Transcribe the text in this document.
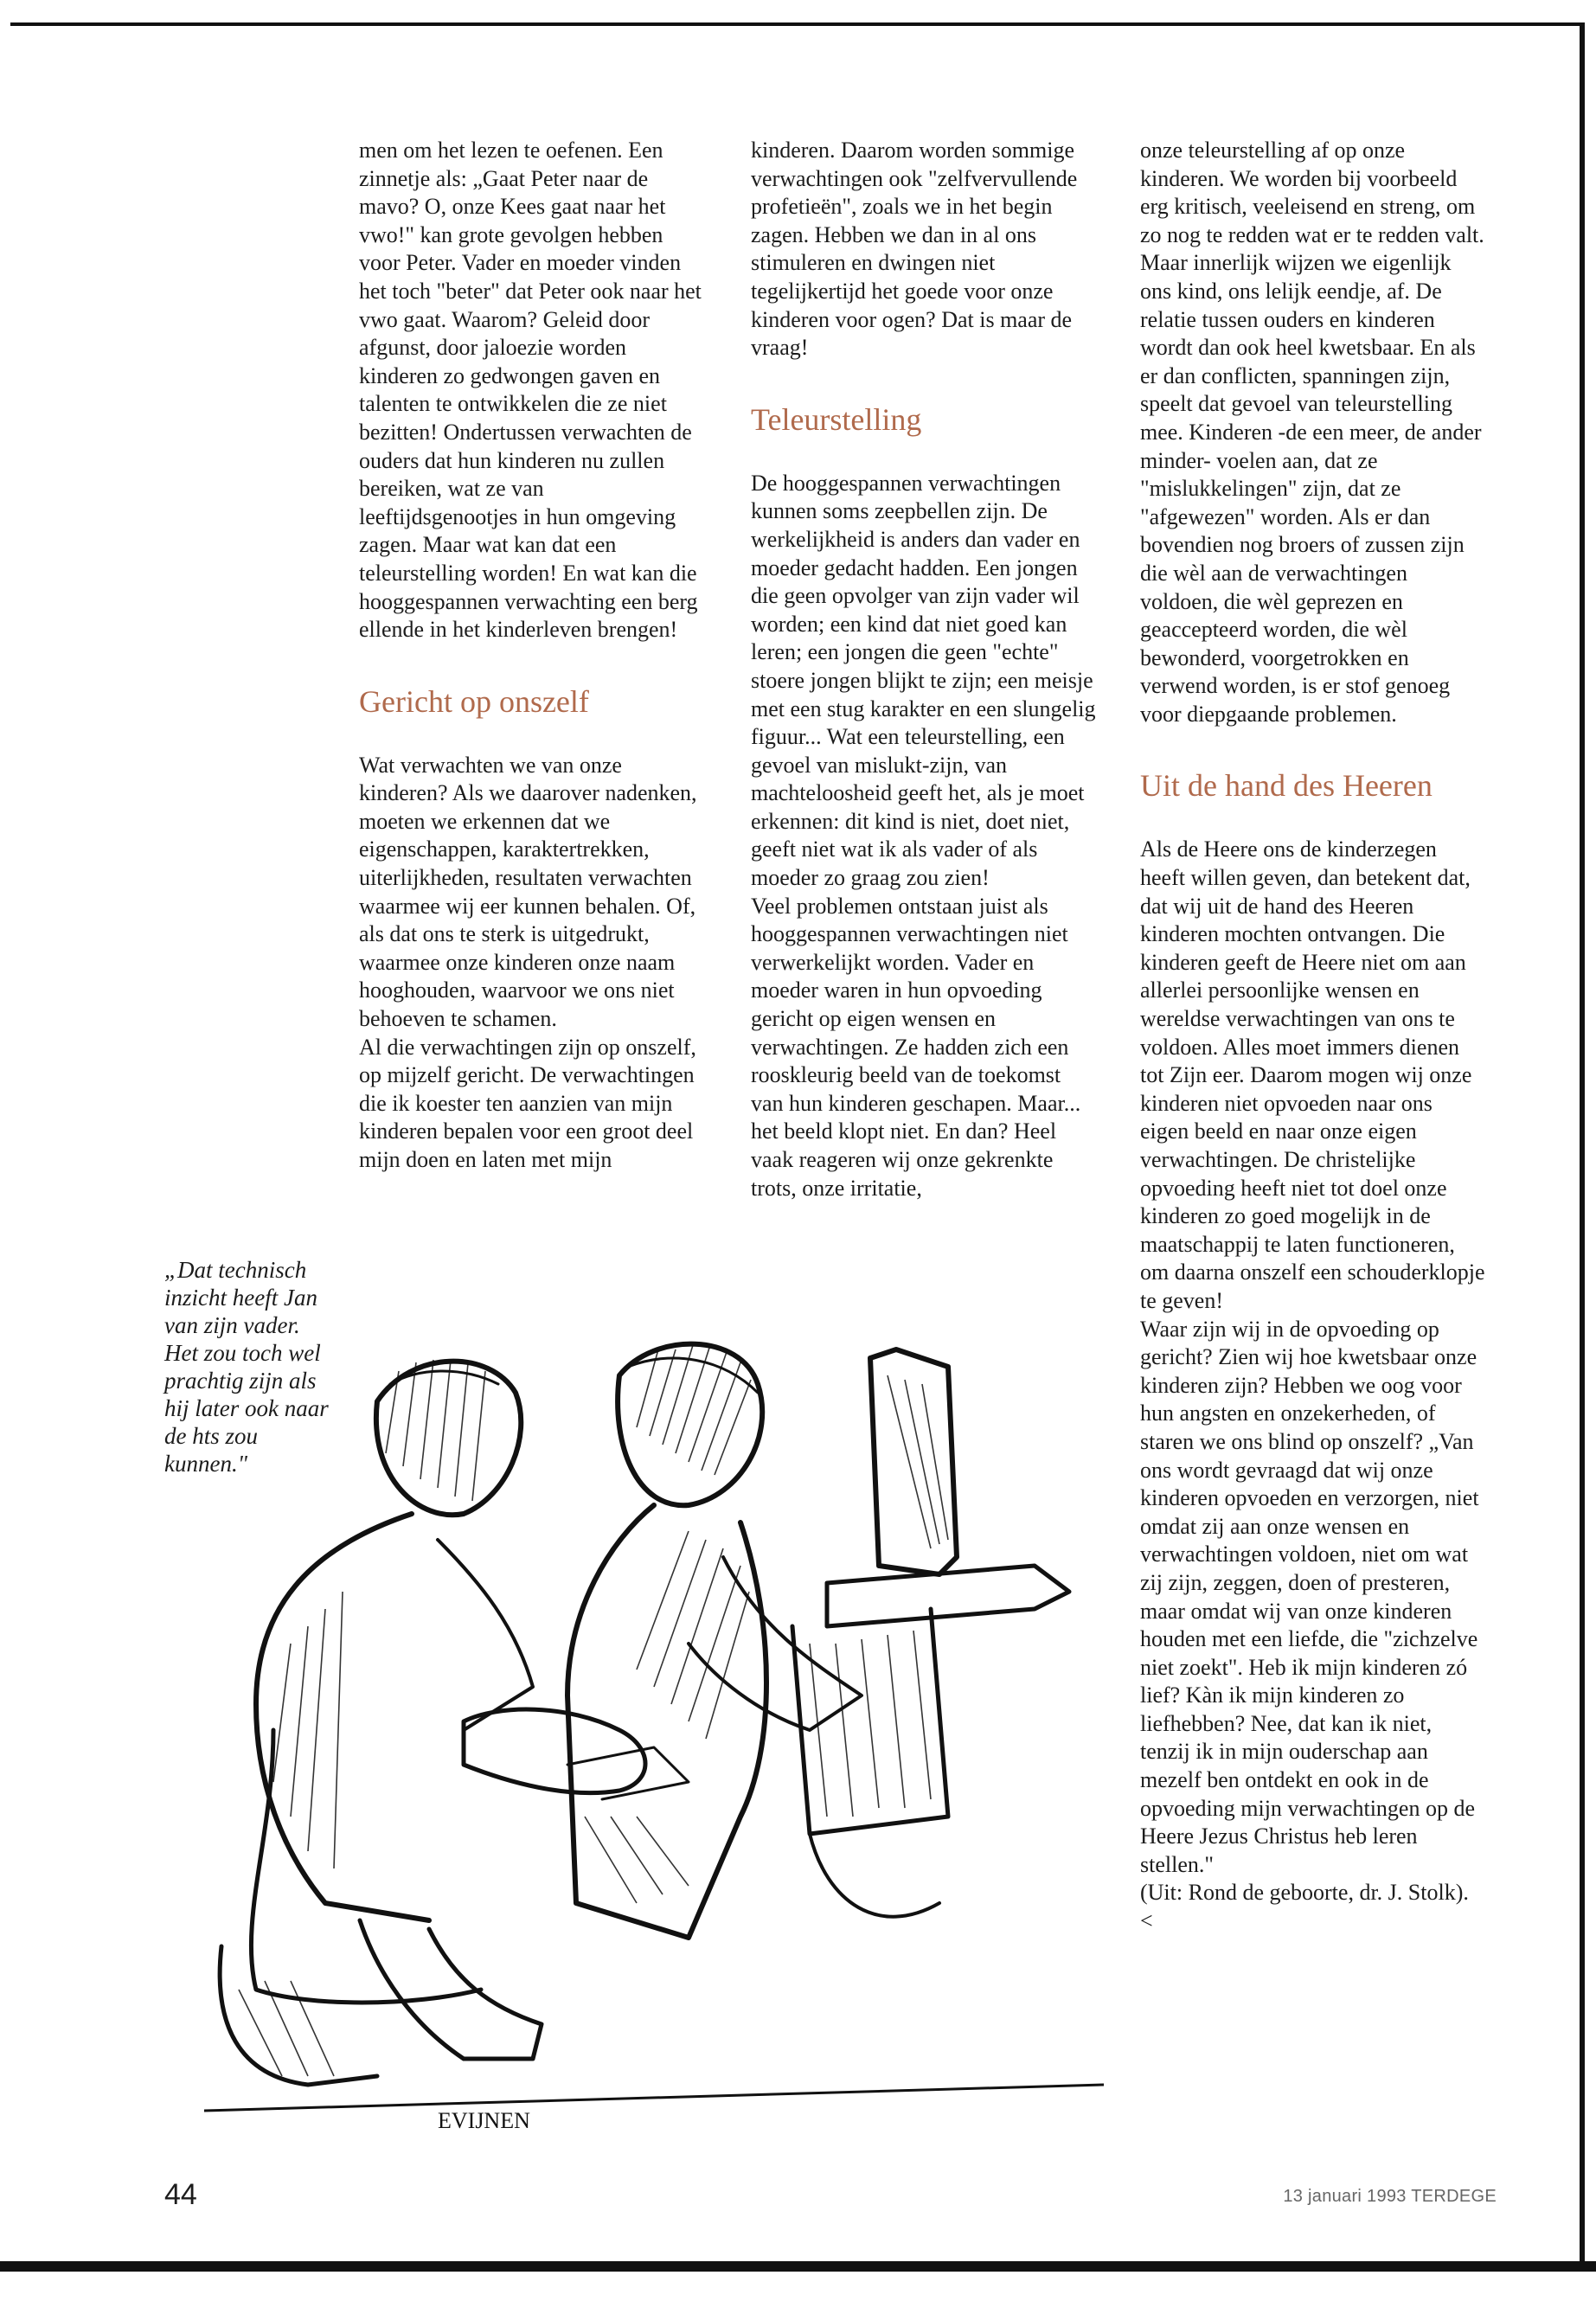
men om het lezen te oefenen. Een zinnetje als: „Gaat Peter naar de mavo? O, onze Kees gaat naar het vwo!" kan grote gevolgen hebben voor Peter. Vader en moeder vinden het toch "beter" dat Peter ook naar het vwo gaat. Waarom? Geleid door afgunst, door jaloezie worden kinderen zo gedwongen gaven en talenten te ontwikkelen die ze niet bezitten! Ondertussen verwachten de ouders dat hun kinderen nu zullen bereiken, wat ze van leeftijdsgenootjes in hun omgeving zagen. Maar wat kan dat een teleurstelling worden! En wat kan die hooggespannen verwachting een berg ellende in het kinderleven brengen!

Gericht op onszelf

Wat verwachten we van onze kinderen? Als we daarover nadenken, moeten we erkennen dat we eigenschappen, karaktertrekken, uiterlijkheden, resultaten verwachten waarmee wij eer kunnen behalen. Of, als dat ons te sterk is uitgedrukt, waarmee onze kinderen onze naam hooghouden, waarvoor we ons niet behoeven te schamen.

Al die verwachtingen zijn op onszelf, op mijzelf gericht. De verwachtingen die ik koester ten aanzien van mijn kinderen bepalen voor een groot deel mijn doen en laten met mijn

kinderen. Daarom worden sommige verwachtingen ook "zelfvervullende profetieën", zoals we in het begin zagen. Hebben we dan in al ons stimuleren en dwingen niet tegelijkertijd het goede voor onze kinderen voor ogen? Dat is maar de vraag!

Teleurstelling

De hooggespannen verwachtingen kunnen soms zeepbellen zijn. De werkelijkheid is anders dan vader en moeder gedacht hadden. Een jongen die geen opvolger van zijn vader wil worden; een kind dat niet goed kan leren; een jongen die geen "echte" stoere jongen blijkt te zijn; een meisje met een stug karakter en een slungelig figuur... Wat een teleurstelling, een gevoel van mislukt-zijn, van machteloosheid geeft het, als je moet erkennen: dit kind is niet, doet niet, geeft niet wat ik als vader of als moeder zo graag zou zien!

Veel problemen ontstaan juist als hooggespannen verwachtingen niet verwerkelijkt worden. Vader en moeder waren in hun opvoeding gericht op eigen wensen en verwachtingen. Ze hadden zich een rooskleurig beeld van de toekomst van hun kinderen geschapen. Maar... het beeld klopt niet. En dan? Heel vaak reageren wij onze gekrenkte trots, onze irritatie,

onze teleurstelling af op onze kinderen. We worden bij voorbeeld erg kritisch, veeleisend en streng, om zo nog te redden wat er te redden valt. Maar innerlijk wijzen we eigenlijk ons kind, ons lelijk eendje, af. De relatie tussen ouders en kinderen wordt dan ook heel kwetsbaar. En als er dan conflicten, spanningen zijn, speelt dat gevoel van teleurstelling mee. Kinderen -de een meer, de ander minder- voelen aan, dat ze "mislukkelingen" zijn, dat ze "afgewezen" worden. Als er dan bovendien nog broers of zussen zijn die wèl aan de verwachtingen voldoen, die wèl geprezen en geaccepteerd worden, die wèl bewonderd, voorgetrokken en verwend worden, is er stof genoeg voor diepgaande problemen.

Uit de hand des Heeren

Als de Heere ons de kinderzegen heeft willen geven, dan betekent dat, dat wij uit de hand des Heeren kinderen mochten ontvangen. Die kinderen geeft de Heere niet om aan allerlei persoonlijke wensen en wereldse verwachtingen van ons te voldoen. Alles moet immers dienen tot Zijn eer. Daarom mogen wij onze kinderen niet opvoeden naar ons eigen beeld en naar onze eigen verwachtingen. De christelijke opvoeding heeft niet tot doel onze kinderen zo goed mogelijk in de maatschappij te laten functioneren, om daarna onszelf een schouderklopje te geven!

Waar zijn wij in de opvoeding op gericht? Zien wij hoe kwetsbaar onze kinderen zijn? Hebben we oog voor hun angsten en onzekerheden, of staren we ons blind op onszelf? „Van ons wordt gevraagd dat wij onze kinderen opvoeden en verzorgen, niet omdat zij aan onze wensen en verwachtingen voldoen, niet om wat zij zijn, zeggen, doen of presteren, maar omdat wij van onze kinderen houden met een liefde, die "zichzelve niet zoekt". Heb ik mijn kinderen zó lief? Kàn ik mijn kinderen zo liefhebben? Nee, dat kan ik niet, tenzij ik in mijn ouderschap aan mezelf ben ontdekt en ook in de opvoeding mijn verwachtingen op de Heere Jezus Christus heb leren stellen."

(Uit: Rond de geboorte, dr. J. Stolk). <

„Dat technisch inzicht heeft Jan van zijn vader. Het zou toch wel prachtig zijn als hij later ook naar de hts zou kunnen."
EVIJNEN
44	13 januari 1993 TERDEGE
